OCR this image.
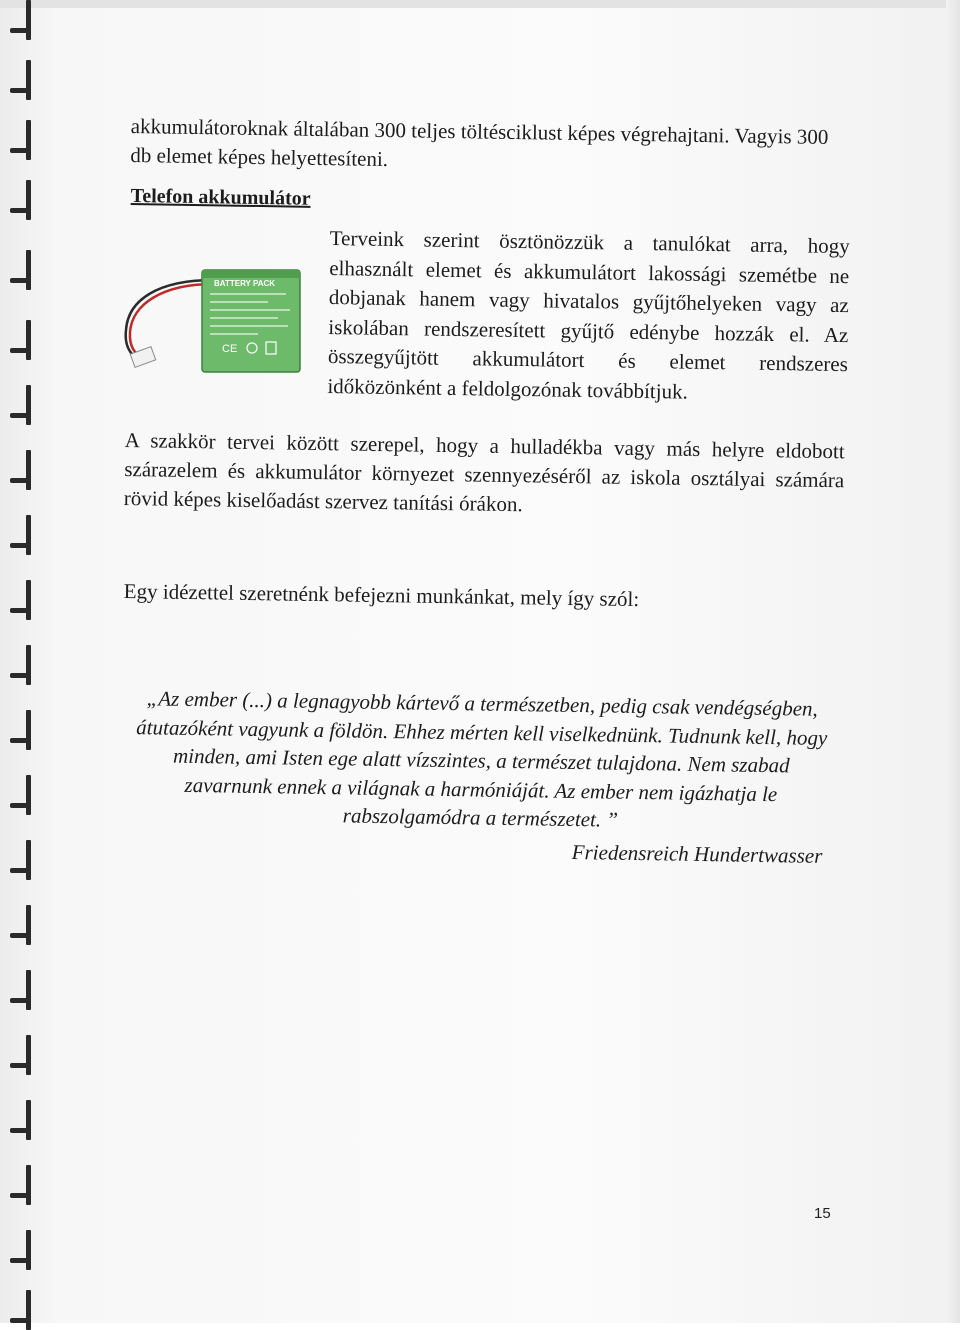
akkumulátoroknak általában 300 teljes töltésciklust képes végrehajtani. Vagyis 300 db elemet képes helyettesíteni.
Telefon akkumulátor
BATTERY PACK
CE
Terveink szerint ösztönözzük a tanulókat arra, hogy elhasznált elemet és akkumulátort lakossági szemétbe ne dobjanak hanem vagy hivatalos gyűjtőhelyeken vagy az iskolában rendszeresített gyűjtő edénybe hozzák el. Az összegyűjtött akkumulátort és elemet rendszeres időközönként a feldolgozónak továbbítjuk.
A szakkör tervei között szerepel, hogy a hulladékba vagy más helyre eldobott szárazelem és akkumulátor környezet szennyezéséről az iskola osztályai számára rövid képes kiselőadást szervez tanítási órákon.
Egy idézettel szeretnénk befejezni munkánkat, mely így szól:
„Az ember (...) a legnagyobb kártevő a természetben, pedig csak vendégségben, átutazóként vagyunk a földön. Ehhez mérten kell viselkednünk. Tudnunk kell, hogy minden, ami Isten ege alatt vízszintes, a természet tulajdona. Nem szabad zavarnunk ennek a világnak a harmóniáját. Az ember nem igázhatja le rabszolgamódra a természetet. ”
Friedensreich Hundertwasser
15
